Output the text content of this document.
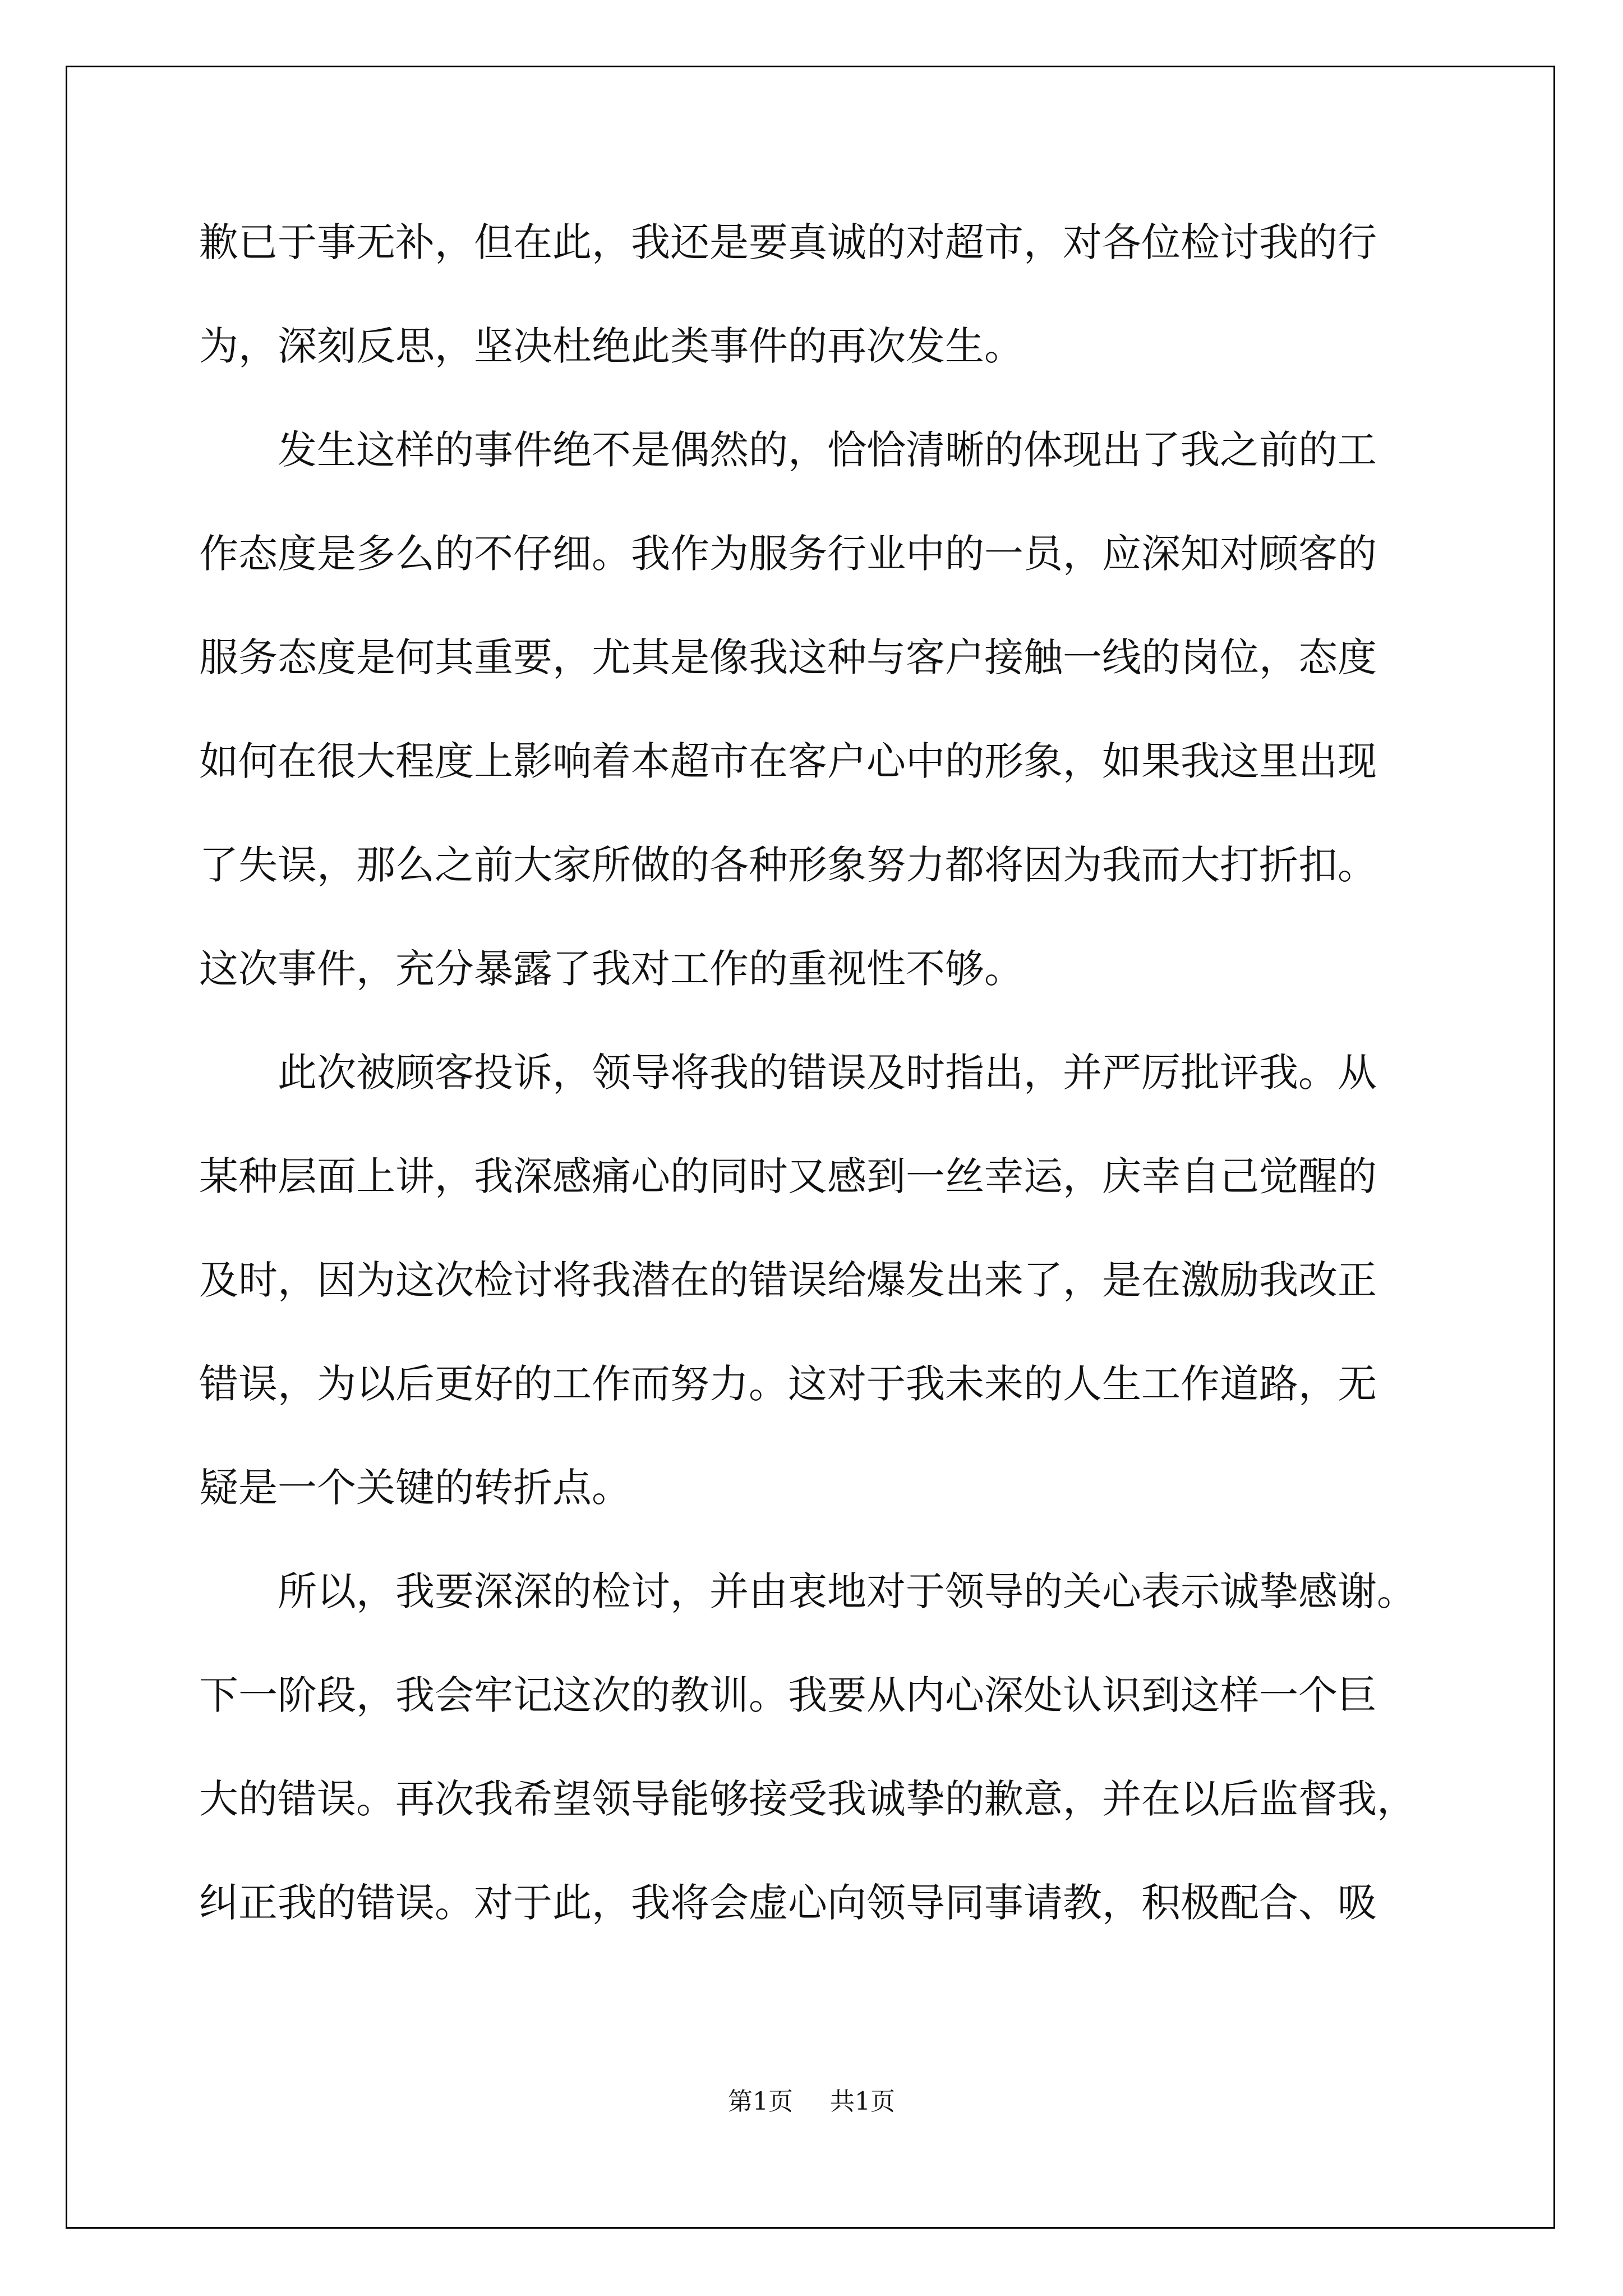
歉已于事无补，但在此，我还是要真诚的对超市，对各位检讨我的行
为，深刻反思，坚决杜绝此类事件的再次发生。
发生这样的事件绝不是偶然的，恰恰清晰的体现出了我之前的工
作态度是多么的不仔细。我作为服务行业中的一员，应深知对顾客的
服务态度是何其重要，尤其是像我这种与客户接触一线的岗位，态度
如何在很大程度上影响着本超市在客户心中的形象，如果我这里出现
了失误，那么之前大家所做的各种形象努力都将因为我而大打折扣。
这次事件，充分暴露了我对工作的重视性不够。
此次被顾客投诉，领导将我的错误及时指出，并严厉批评我。从
某种层面上讲，我深感痛心的同时又感到一丝幸运，庆幸自己觉醒的
及时，因为这次检讨将我潜在的错误给爆发出来了，是在激励我改正
错误，为以后更好的工作而努力。这对于我未来的人生工作道路，无
疑是一个关键的转折点。
所以，我要深深的检讨，并由衷地对于领导的关心表示诚挚感谢。
下一阶段，我会牢记这次的教训。我要从内心深处认识到这样一个巨
大的错误。再次我希望领导能够接受我诚挚的歉意，并在以后监督我，
纠正我的错误。对于此，我将会虚心向领导同事请教，积极配合、吸
第1页 共1页
